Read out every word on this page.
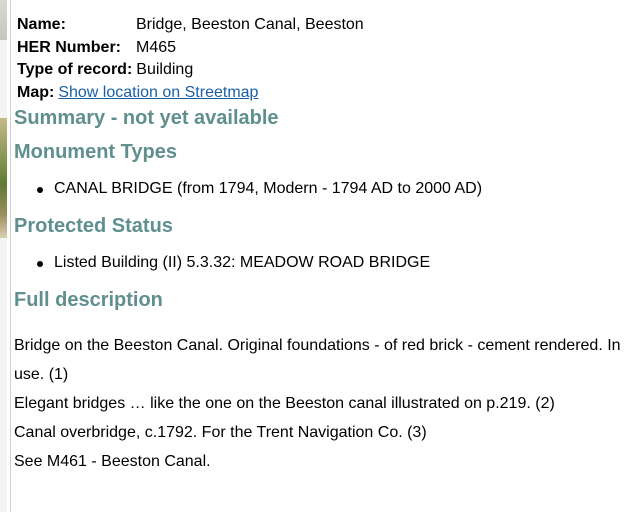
Name:	Bridge, Beeston Canal, Beeston
HER Number: M465
Type of record: Building
Map: Show location on Streetmap
Summary - not yet available
Monument Types
CANAL BRIDGE (from 1794, Modern - 1794 AD to 2000 AD)
Protected Status
Listed Building (II) 5.3.32: MEADOW ROAD BRIDGE
Full description

Bridge on the Beeston Canal. Original foundations - of red brick - cement rendered. In use. (1)

Elegant bridges … like the one on the Beeston canal illustrated on p.219. (2)

Canal overbridge, c.1792. For the Trent Navigation Co. (3)

See M461 - Beeston Canal.
